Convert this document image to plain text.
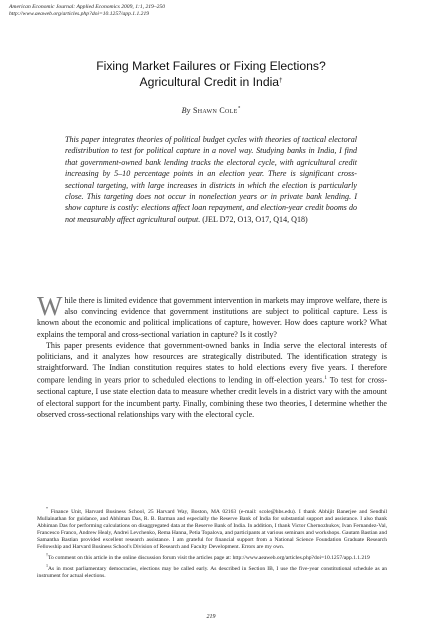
American Economic Journal: Applied Economics 2009, 1:1, 219–250
http://www.aeaweb.org/articles.php?doi=10.1257/app.1.1.219
Fixing Market Failures or Fixing Elections?
Agricultural Credit in India†
By Shawn Cole*
This paper integrates theories of political budget cycles with theories of tactical electoral redistribution to test for political capture in a novel way. Studying banks in India, I find that government-owned bank lending tracks the electoral cycle, with agricultural credit increasing by 5–10 percentage points in an election year. There is significant cross-sectional targeting, with large increases in districts in which the election is particularly close. This targeting does not occur in nonelection years or in private bank lending. I show capture is costly: elections affect loan repayment, and election-year credit booms do not measurably affect agricultural output. (JEL D72, O13, O17, Q14, Q18)

While there is limited evidence that government intervention in markets may improve welfare, there is also convincing evidence that government institutions are subject to political capture. Less is known about the economic and political implications of capture, however. How does capture work? What explains the temporal and cross-sectional variation in capture? Is it costly?

This paper presents evidence that government-owned banks in India serve the electoral interests of politicians, and it analyzes how resources are strategically distributed. The identification strategy is straightforward. The Indian constitution requires states to hold elections every five years. I therefore compare lending in years prior to scheduled elections to lending in off-election years.$^1$ To test for cross-sectional capture, I use state election data to measure whether credit levels in a district vary with the amount of electoral support for the incumbent party. Finally, combining these two theories, I determine whether the observed cross-sectional relationships vary with the electoral cycle.

* Finance Unit, Harvard Business School, 25 Harvard Way, Boston, MA 02163 (e-mail: scole@hbs.edu). I thank Abhijit Banerjee and Sendhil Mullainathan for guidance, and Abhiman Das, R. B. Barman and especially the Reserve Bank of India for substantial support and assistance. I also thank Abhiman Das for performing calculations on disaggregated data at the Reserve Bank of India. In addition, I thank Victor Chernozhukov, Ivan Fernandez-Val, Francesco Franco, Andrew Healy, Andrei Levchenko, Rema Hanna, Petia Topalova, and participants at various seminars and workshops. Gautam Bastian and Samantha Bastian provided excellent research assistance. I am grateful for financial support from a National Science Foundation Graduate Research Fellowship and Harvard Business School's Division of Research and Faculty Development. Errors are my own.

†To comment on this article in the online discussion forum visit the articles page at: http://www.aeaweb.org/articles.php?doi=10.1257/app.1.1.219

$^1$As in most parliamentary democracies, elections may be called early. As described in Section IB, I use the five-year constitutional schedule as an instrument for actual elections.

219
